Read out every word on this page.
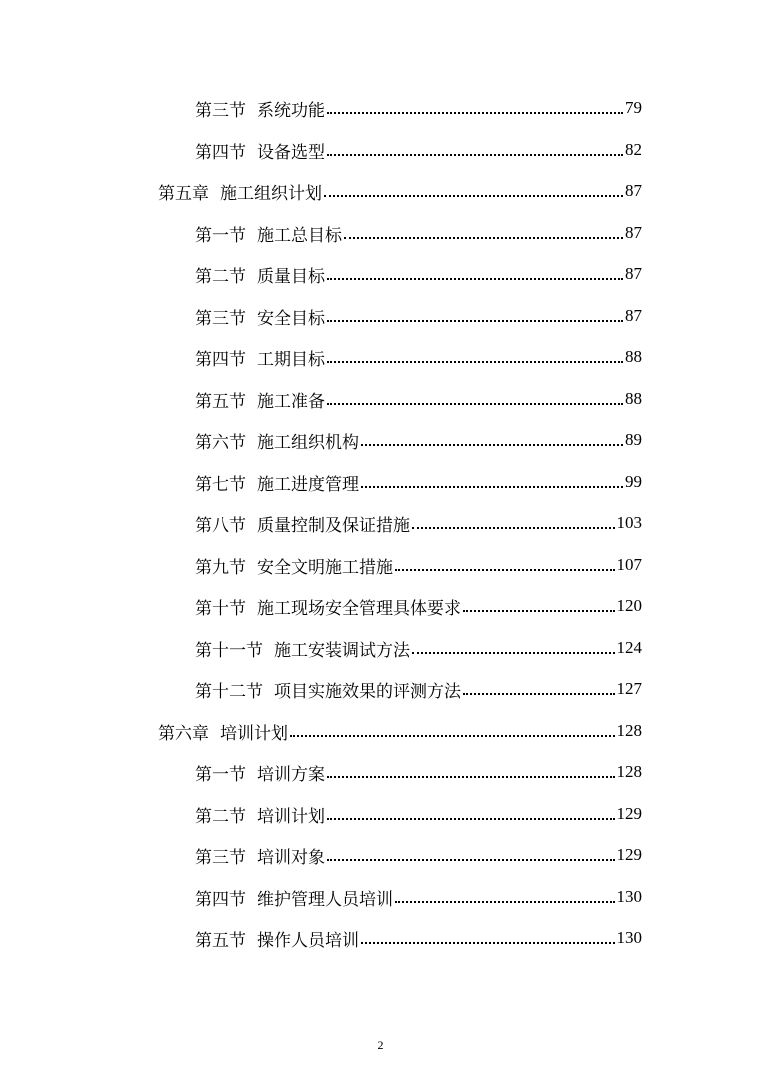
第三节 系统功能	79
第四节 设备选型	82
第五章 施工组织计划	87
第一节 施工总目标	87
第二节 质量目标	87
第三节 安全目标	87
第四节 工期目标	88
第五节 施工准备	88
第六节 施工组织机构	89
第七节 施工进度管理	99
第八节 质量控制及保证措施	103
第九节 安全文明施工措施	107
第十节 施工现场安全管理具体要求	120
第十一节 施工安装调试方法	124
第十二节 项目实施效果的评测方法	127
第六章 培训计划	128
第一节 培训方案	128
第二节 培训计划	129
第三节 培训对象	129
第四节 维护管理人员培训	130
第五节 操作人员培训	130
2
